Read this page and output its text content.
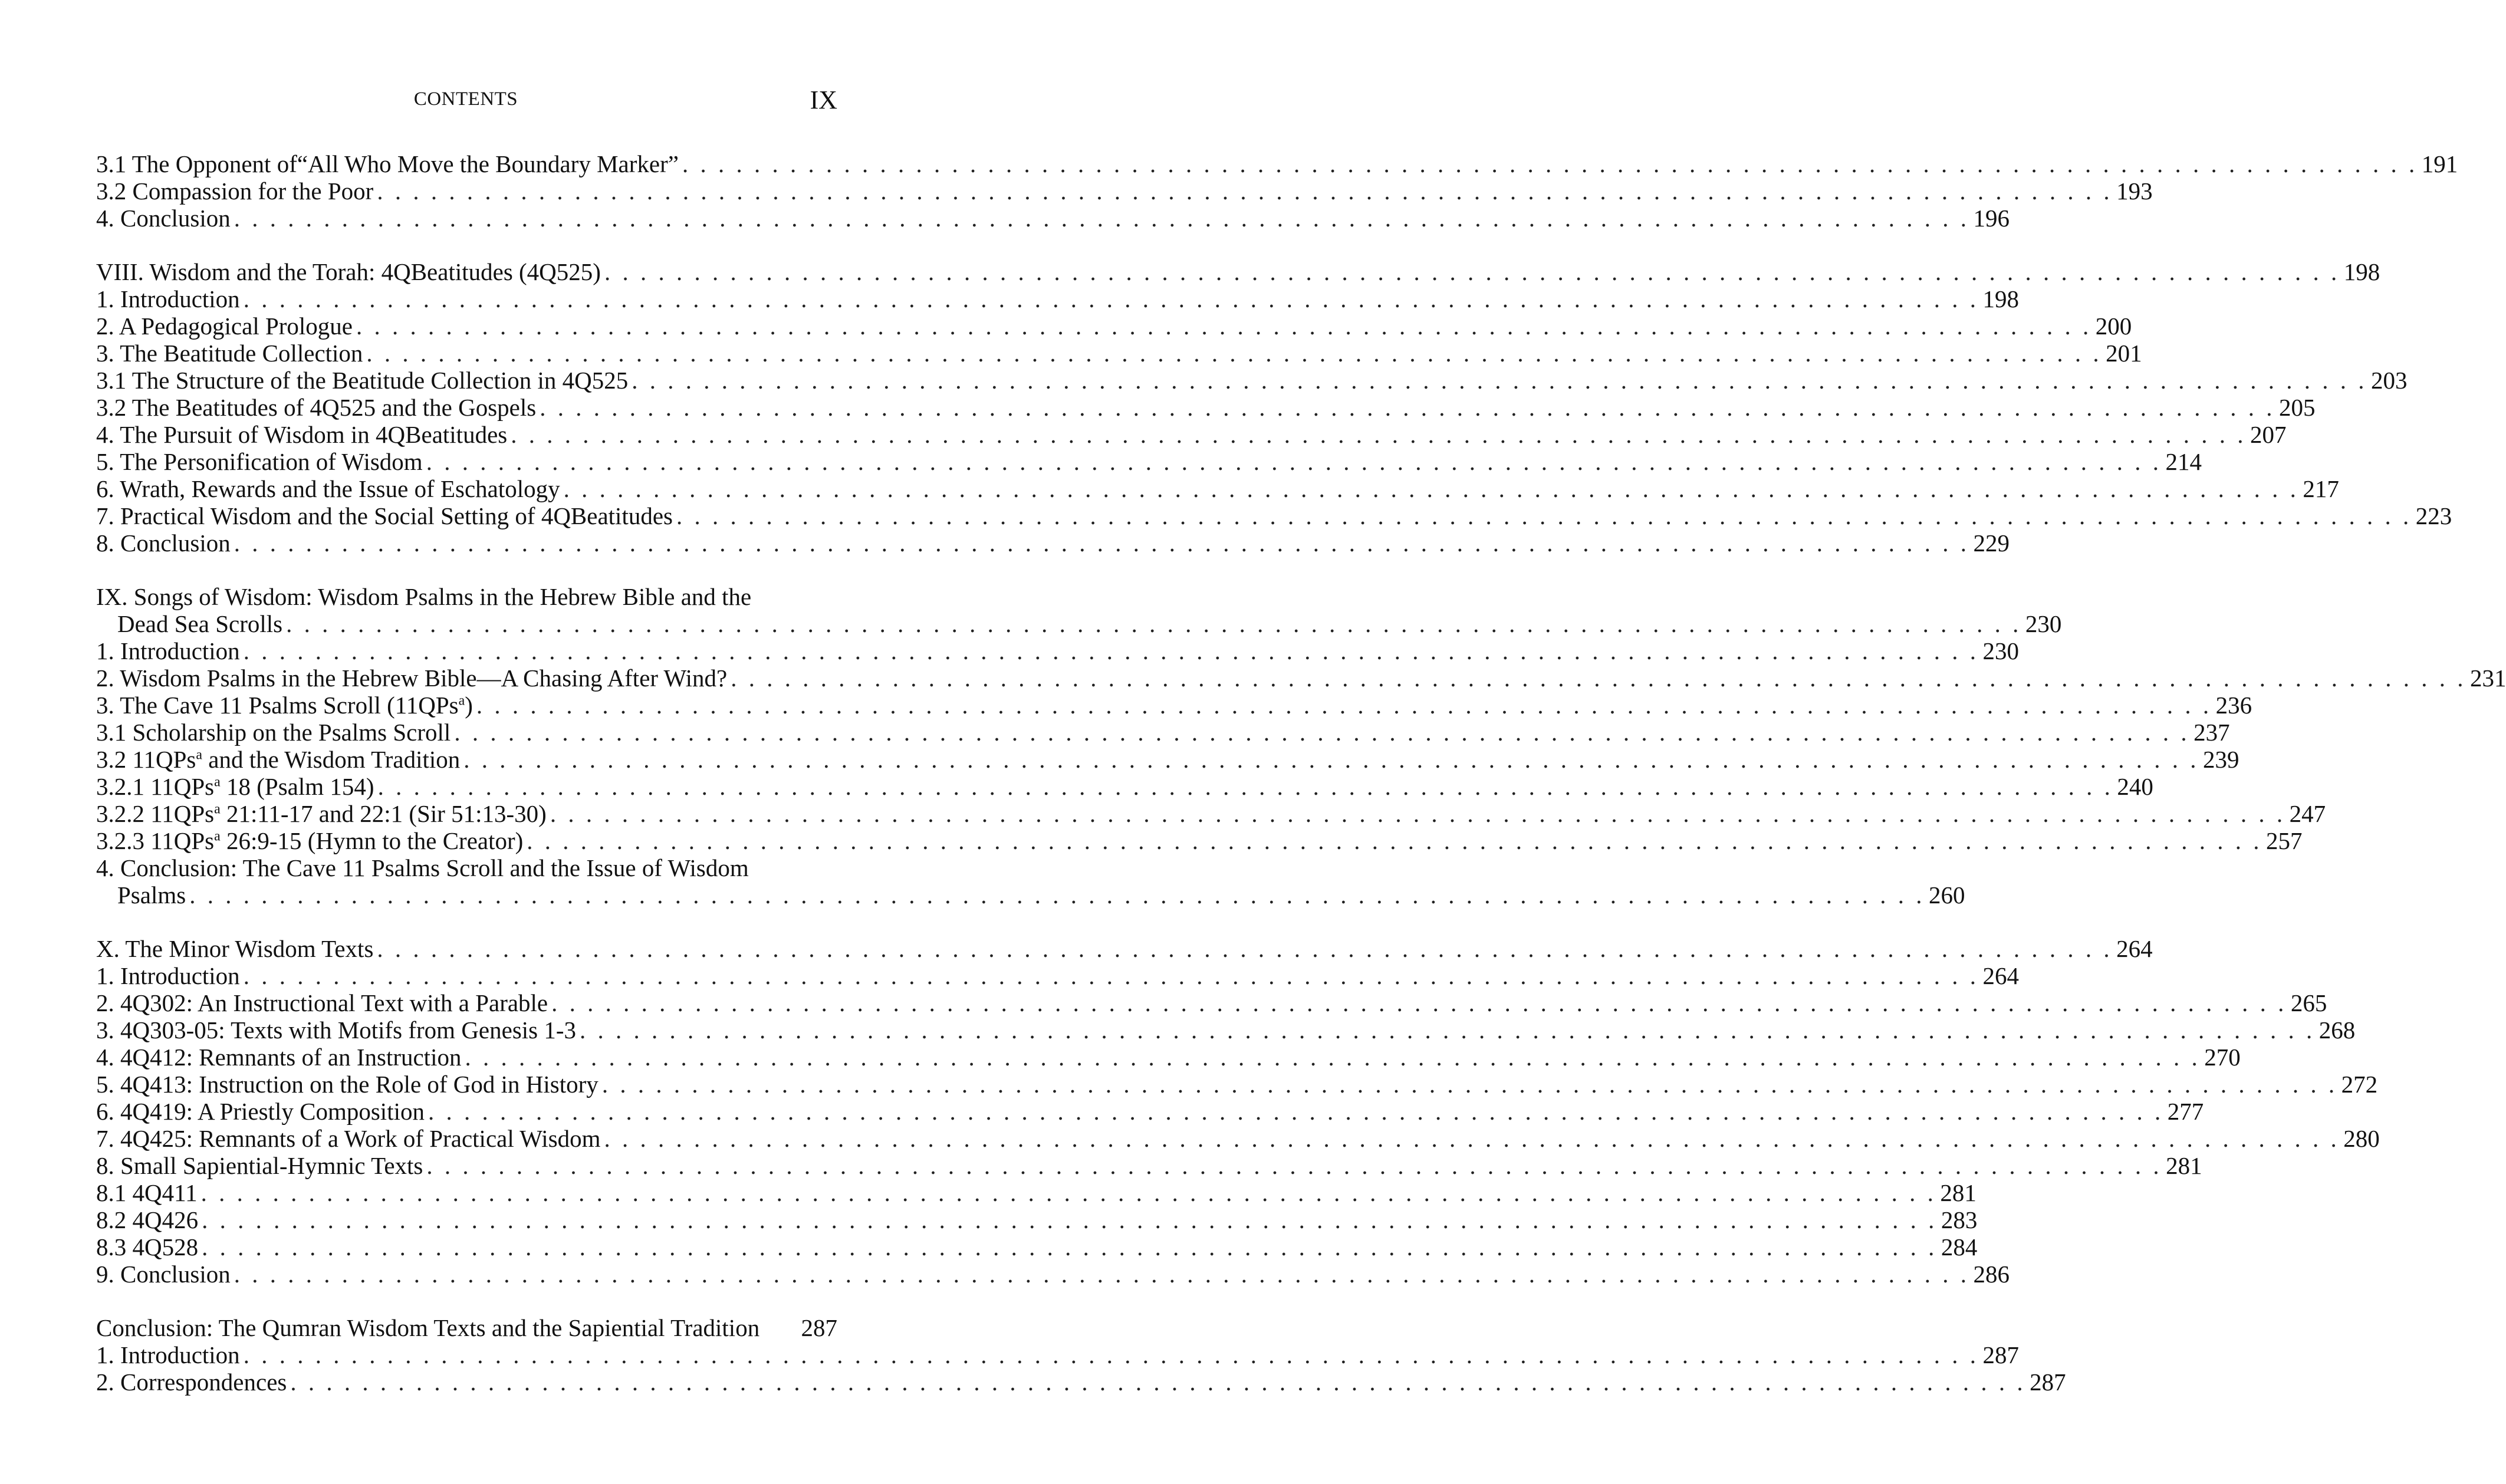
CONTENTS	IX
3.1 The Opponent of“All Who Move the Boundary Marker” . . . . . . . . . . . . . . . . . . . . . . . . . . . . . . . . . . . . . . . . . . . . . . . . . . . . . . . . . . . . . . . . . . . . . . . . . . . . . . . . . . . . . . . . . . . . . . . . . 191
3.2 Compassion for the Poor . . . . . . . . . . . . . . . . . . . . . . . . . . . . . . . . . . . . . . . . . . . . . . . . . . . . . . . . . . . . . . . . . . . . . . . . . . . . . . . . . . . . . . . . . . . . . . . . . 193
4. Conclusion . . . . . . . . . . . . . . . . . . . . . . . . . . . . . . . . . . . . . . . . . . . . . . . . . . . . . . . . . . . . . . . . . . . . . . . . . . . . . . . . . . . . . . . . . . . . . . . . . 196
VIII. Wisdom and the Torah: 4QBeatitudes (4Q525) . . . . . . . . . . . . . . . . . . . . . . . . . . . . . . . . . . . . . . . . . . . . . . . . . . . . . . . . . . . . . . . . . . . . . . . . . . . . . . . . . . . . . . . . . . . . . . . . . 198
1. Introduction . . . . . . . . . . . . . . . . . . . . . . . . . . . . . . . . . . . . . . . . . . . . . . . . . . . . . . . . . . . . . . . . . . . . . . . . . . . . . . . . . . . . . . . . . . . . . . . . . 198
2. A Pedagogical Prologue . . . . . . . . . . . . . . . . . . . . . . . . . . . . . . . . . . . . . . . . . . . . . . . . . . . . . . . . . . . . . . . . . . . . . . . . . . . . . . . . . . . . . . . . . . . . . . . . . 200
3. The Beatitude Collection . . . . . . . . . . . . . . . . . . . . . . . . . . . . . . . . . . . . . . . . . . . . . . . . . . . . . . . . . . . . . . . . . . . . . . . . . . . . . . . . . . . . . . . . . . . . . . . . . 201
3.1 The Structure of the Beatitude Collection in 4Q525 . . . . . . . . . . . . . . . . . . . . . . . . . . . . . . . . . . . . . . . . . . . . . . . . . . . . . . . . . . . . . . . . . . . . . . . . . . . . . . . . . . . . . . . . . . . . . . . . . 203
3.2 The Beatitudes of 4Q525 and the Gospels . . . . . . . . . . . . . . . . . . . . . . . . . . . . . . . . . . . . . . . . . . . . . . . . . . . . . . . . . . . . . . . . . . . . . . . . . . . . . . . . . . . . . . . . . . . . . . . . . 205
4. The Pursuit of Wisdom in 4QBeatitudes . . . . . . . . . . . . . . . . . . . . . . . . . . . . . . . . . . . . . . . . . . . . . . . . . . . . . . . . . . . . . . . . . . . . . . . . . . . . . . . . . . . . . . . . . . . . . . . . . 207
5. The Personification of Wisdom . . . . . . . . . . . . . . . . . . . . . . . . . . . . . . . . . . . . . . . . . . . . . . . . . . . . . . . . . . . . . . . . . . . . . . . . . . . . . . . . . . . . . . . . . . . . . . . . . 214
6. Wrath, Rewards and the Issue of Eschatology . . . . . . . . . . . . . . . . . . . . . . . . . . . . . . . . . . . . . . . . . . . . . . . . . . . . . . . . . . . . . . . . . . . . . . . . . . . . . . . . . . . . . . . . . . . . . . . . . 217
7. Practical Wisdom and the Social Setting of 4QBeatitudes . . . . . . . . . . . . . . . . . . . . . . . . . . . . . . . . . . . . . . . . . . . . . . . . . . . . . . . . . . . . . . . . . . . . . . . . . . . . . . . . . . . . . . . . . . . . . . . . . 223
8. Conclusion . . . . . . . . . . . . . . . . . . . . . . . . . . . . . . . . . . . . . . . . . . . . . . . . . . . . . . . . . . . . . . . . . . . . . . . . . . . . . . . . . . . . . . . . . . . . . . . . . 229
IX. Songs of Wisdom: Wisdom Psalms in the Hebrew Bible and the
Dead Sea Scrolls . . . . . . . . . . . . . . . . . . . . . . . . . . . . . . . . . . . . . . . . . . . . . . . . . . . . . . . . . . . . . . . . . . . . . . . . . . . . . . . . . . . . . . . . . . . . . . . . . 230
1. Introduction . . . . . . . . . . . . . . . . . . . . . . . . . . . . . . . . . . . . . . . . . . . . . . . . . . . . . . . . . . . . . . . . . . . . . . . . . . . . . . . . . . . . . . . . . . . . . . . . . 230
2. Wisdom Psalms in the Hebrew Bible—A Chasing After Wind? . . . . . . . . . . . . . . . . . . . . . . . . . . . . . . . . . . . . . . . . . . . . . . . . . . . . . . . . . . . . . . . . . . . . . . . . . . . . . . . . . . . . . . . . . . . . . . . . . 231
3. The Cave 11 Psalms Scroll (11QPs$^a$) . . . . . . . . . . . . . . . . . . . . . . . . . . . . . . . . . . . . . . . . . . . . . . . . . . . . . . . . . . . . . . . . . . . . . . . . . . . . . . . . . . . . . . . . . . . . . . . . . 236
3.1 Scholarship on the Psalms Scroll . . . . . . . . . . . . . . . . . . . . . . . . . . . . . . . . . . . . . . . . . . . . . . . . . . . . . . . . . . . . . . . . . . . . . . . . . . . . . . . . . . . . . . . . . . . . . . . . . 237
3.2 11QPs$^a$ and the Wisdom Tradition . . . . . . . . . . . . . . . . . . . . . . . . . . . . . . . . . . . . . . . . . . . . . . . . . . . . . . . . . . . . . . . . . . . . . . . . . . . . . . . . . . . . . . . . . . . . . . . . . 239
3.2.1 11QPs$^a$ 18 (Psalm 154) . . . . . . . . . . . . . . . . . . . . . . . . . . . . . . . . . . . . . . . . . . . . . . . . . . . . . . . . . . . . . . . . . . . . . . . . . . . . . . . . . . . . . . . . . . . . . . . . . 240
3.2.2 11QPs$^a$ 21:11-17 and 22:1 (Sir 51:13-30) . . . . . . . . . . . . . . . . . . . . . . . . . . . . . . . . . . . . . . . . . . . . . . . . . . . . . . . . . . . . . . . . . . . . . . . . . . . . . . . . . . . . . . . . . . . . . . . . . 247
3.2.3 11QPs$^a$ 26:9-15 (Hymn to the Creator) . . . . . . . . . . . . . . . . . . . . . . . . . . . . . . . . . . . . . . . . . . . . . . . . . . . . . . . . . . . . . . . . . . . . . . . . . . . . . . . . . . . . . . . . . . . . . . . . . 257
4. Conclusion: The Cave 11 Psalms Scroll and the Issue of Wisdom
Psalms . . . . . . . . . . . . . . . . . . . . . . . . . . . . . . . . . . . . . . . . . . . . . . . . . . . . . . . . . . . . . . . . . . . . . . . . . . . . . . . . . . . . . . . . . . . . . . . . . 260
X. The Minor Wisdom Texts . . . . . . . . . . . . . . . . . . . . . . . . . . . . . . . . . . . . . . . . . . . . . . . . . . . . . . . . . . . . . . . . . . . . . . . . . . . . . . . . . . . . . . . . . . . . . . . . . 264
1. Introduction . . . . . . . . . . . . . . . . . . . . . . . . . . . . . . . . . . . . . . . . . . . . . . . . . . . . . . . . . . . . . . . . . . . . . . . . . . . . . . . . . . . . . . . . . . . . . . . . . 264
2. 4Q302: An Instructional Text with a Parable . . . . . . . . . . . . . . . . . . . . . . . . . . . . . . . . . . . . . . . . . . . . . . . . . . . . . . . . . . . . . . . . . . . . . . . . . . . . . . . . . . . . . . . . . . . . . . . . . 265
3. 4Q303-05: Texts with Motifs from Genesis 1-3 . . . . . . . . . . . . . . . . . . . . . . . . . . . . . . . . . . . . . . . . . . . . . . . . . . . . . . . . . . . . . . . . . . . . . . . . . . . . . . . . . . . . . . . . . . . . . . . . . 268
4. 4Q412: Remnants of an Instruction . . . . . . . . . . . . . . . . . . . . . . . . . . . . . . . . . . . . . . . . . . . . . . . . . . . . . . . . . . . . . . . . . . . . . . . . . . . . . . . . . . . . . . . . . . . . . . . . . 270
5. 4Q413: Instruction on the Role of God in History . . . . . . . . . . . . . . . . . . . . . . . . . . . . . . . . . . . . . . . . . . . . . . . . . . . . . . . . . . . . . . . . . . . . . . . . . . . . . . . . . . . . . . . . . . . . . . . . . 272
6. 4Q419: A Priestly Composition . . . . . . . . . . . . . . . . . . . . . . . . . . . . . . . . . . . . . . . . . . . . . . . . . . . . . . . . . . . . . . . . . . . . . . . . . . . . . . . . . . . . . . . . . . . . . . . . . 277
7. 4Q425: Remnants of a Work of Practical Wisdom . . . . . . . . . . . . . . . . . . . . . . . . . . . . . . . . . . . . . . . . . . . . . . . . . . . . . . . . . . . . . . . . . . . . . . . . . . . . . . . . . . . . . . . . . . . . . . . . . 280
8. Small Sapiential-Hymnic Texts . . . . . . . . . . . . . . . . . . . . . . . . . . . . . . . . . . . . . . . . . . . . . . . . . . . . . . . . . . . . . . . . . . . . . . . . . . . . . . . . . . . . . . . . . . . . . . . . . 281
8.1 4Q411 . . . . . . . . . . . . . . . . . . . . . . . . . . . . . . . . . . . . . . . . . . . . . . . . . . . . . . . . . . . . . . . . . . . . . . . . . . . . . . . . . . . . . . . . . . . . . . . . . 281
8.2 4Q426 . . . . . . . . . . . . . . . . . . . . . . . . . . . . . . . . . . . . . . . . . . . . . . . . . . . . . . . . . . . . . . . . . . . . . . . . . . . . . . . . . . . . . . . . . . . . . . . . . 283
8.3 4Q528 . . . . . . . . . . . . . . . . . . . . . . . . . . . . . . . . . . . . . . . . . . . . . . . . . . . . . . . . . . . . . . . . . . . . . . . . . . . . . . . . . . . . . . . . . . . . . . . . . 284
9. Conclusion . . . . . . . . . . . . . . . . . . . . . . . . . . . . . . . . . . . . . . . . . . . . . . . . . . . . . . . . . . . . . . . . . . . . . . . . . . . . . . . . . . . . . . . . . . . . . . . . . 286
Conclusion: The Qumran Wisdom Texts and the Sapiential Tradition 287
1. Introduction . . . . . . . . . . . . . . . . . . . . . . . . . . . . . . . . . . . . . . . . . . . . . . . . . . . . . . . . . . . . . . . . . . . . . . . . . . . . . . . . . . . . . . . . . . . . . . . . . 287
2. Correspondences . . . . . . . . . . . . . . . . . . . . . . . . . . . . . . . . . . . . . . . . . . . . . . . . . . . . . . . . . . . . . . . . . . . . . . . . . . . . . . . . . . . . . . . . . . . . . . . . . 287
